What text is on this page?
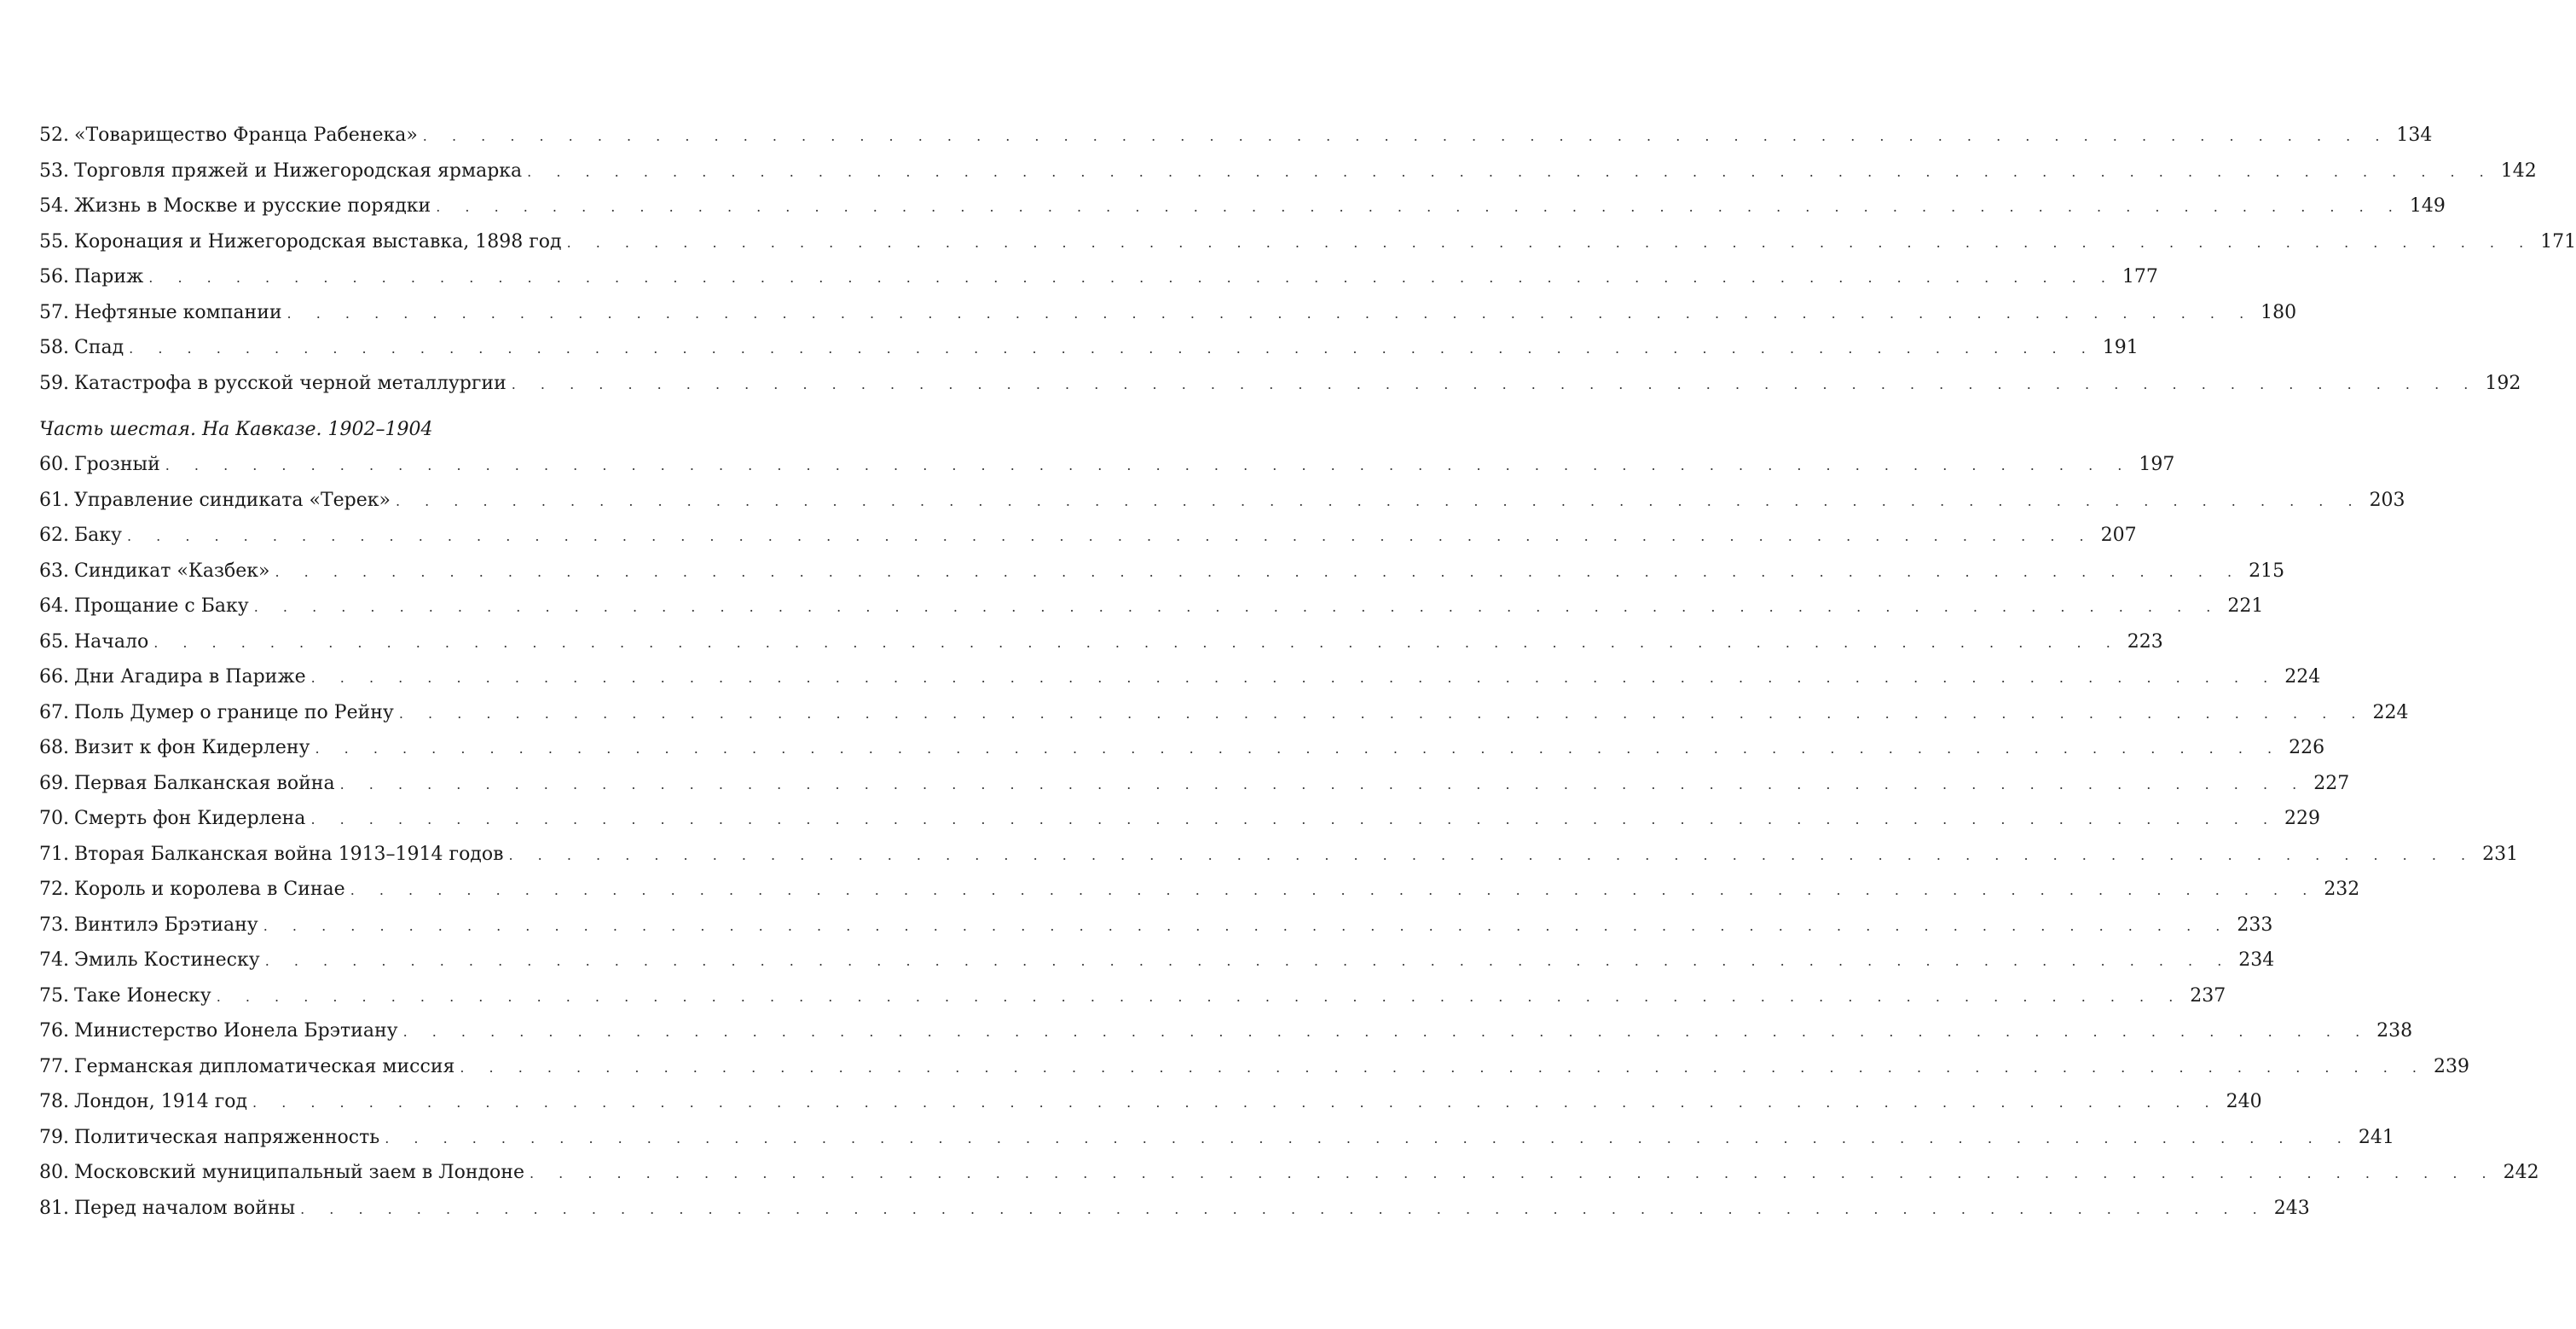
52. «Товарищество Франца Рабенека» . . . . . . . . . . . . . . . . . . . . . . . . . . . . . . . . . . . . . . . . . . . . . . . . . . . . . . . . . . . . . . . . . . . . 134
53. Торговля пряжей и Нижегородская ярмарка . . . . . . . . . . . . . . . . . . . . . . . . . . . . . . . . . . . . . . . . . . . . . . . . . . . . . . . . . . . . . . . . . . . . 142
54. Жизнь в Москве и русские порядки . . . . . . . . . . . . . . . . . . . . . . . . . . . . . . . . . . . . . . . . . . . . . . . . . . . . . . . . . . . . . . . . . . . . 149
55. Коронация и Нижегородская выставка, 1898 год . . . . . . . . . . . . . . . . . . . . . . . . . . . . . . . . . . . . . . . . . . . . . . . . . . . . . . . . . . . . . . . . . . . . 171
56. Париж . . . . . . . . . . . . . . . . . . . . . . . . . . . . . . . . . . . . . . . . . . . . . . . . . . . . . . . . . . . . . . . . . . . . 177
57. Нефтяные компании . . . . . . . . . . . . . . . . . . . . . . . . . . . . . . . . . . . . . . . . . . . . . . . . . . . . . . . . . . . . . . . . . . . . 180
58. Спад . . . . . . . . . . . . . . . . . . . . . . . . . . . . . . . . . . . . . . . . . . . . . . . . . . . . . . . . . . . . . . . . . . . . 191
59. Катастрофа в русской черной металлургии . . . . . . . . . . . . . . . . . . . . . . . . . . . . . . . . . . . . . . . . . . . . . . . . . . . . . . . . . . . . . . . . . . . . 192
Часть шестая. На Кавказе. 1902–1904
60. Грозный . . . . . . . . . . . . . . . . . . . . . . . . . . . . . . . . . . . . . . . . . . . . . . . . . . . . . . . . . . . . . . . . . . . . 197
61. Управление синдиката «Терек» . . . . . . . . . . . . . . . . . . . . . . . . . . . . . . . . . . . . . . . . . . . . . . . . . . . . . . . . . . . . . . . . . . . . 203
62. Баку . . . . . . . . . . . . . . . . . . . . . . . . . . . . . . . . . . . . . . . . . . . . . . . . . . . . . . . . . . . . . . . . . . . . 207
63. Синдикат «Казбек» . . . . . . . . . . . . . . . . . . . . . . . . . . . . . . . . . . . . . . . . . . . . . . . . . . . . . . . . . . . . . . . . . . . . 215
64. Прощание с Баку . . . . . . . . . . . . . . . . . . . . . . . . . . . . . . . . . . . . . . . . . . . . . . . . . . . . . . . . . . . . . . . . . . . . 221
65. Начало . . . . . . . . . . . . . . . . . . . . . . . . . . . . . . . . . . . . . . . . . . . . . . . . . . . . . . . . . . . . . . . . . . . . 223
66. Дни Агадира в Париже . . . . . . . . . . . . . . . . . . . . . . . . . . . . . . . . . . . . . . . . . . . . . . . . . . . . . . . . . . . . . . . . . . . . 224
67. Поль Думер о границе по Рейну . . . . . . . . . . . . . . . . . . . . . . . . . . . . . . . . . . . . . . . . . . . . . . . . . . . . . . . . . . . . . . . . . . . . 224
68. Визит к фон Кидерлену . . . . . . . . . . . . . . . . . . . . . . . . . . . . . . . . . . . . . . . . . . . . . . . . . . . . . . . . . . . . . . . . . . . . 226
69. Первая Балканская война . . . . . . . . . . . . . . . . . . . . . . . . . . . . . . . . . . . . . . . . . . . . . . . . . . . . . . . . . . . . . . . . . . . . 227
70. Смерть фон Кидерлена . . . . . . . . . . . . . . . . . . . . . . . . . . . . . . . . . . . . . . . . . . . . . . . . . . . . . . . . . . . . . . . . . . . . 229
71. Вторая Балканская война 1913–1914 годов . . . . . . . . . . . . . . . . . . . . . . . . . . . . . . . . . . . . . . . . . . . . . . . . . . . . . . . . . . . . . . . . . . . . 231
72. Король и королева в Синае . . . . . . . . . . . . . . . . . . . . . . . . . . . . . . . . . . . . . . . . . . . . . . . . . . . . . . . . . . . . . . . . . . . . 232
73. Винтилэ Брэтиану . . . . . . . . . . . . . . . . . . . . . . . . . . . . . . . . . . . . . . . . . . . . . . . . . . . . . . . . . . . . . . . . . . . . 233
74. Эмиль Костинеску . . . . . . . . . . . . . . . . . . . . . . . . . . . . . . . . . . . . . . . . . . . . . . . . . . . . . . . . . . . . . . . . . . . . 234
75. Таке Ионеску . . . . . . . . . . . . . . . . . . . . . . . . . . . . . . . . . . . . . . . . . . . . . . . . . . . . . . . . . . . . . . . . . . . . 237
76. Министерство Ионела Брэтиану . . . . . . . . . . . . . . . . . . . . . . . . . . . . . . . . . . . . . . . . . . . . . . . . . . . . . . . . . . . . . . . . . . . . 238
77. Германская дипломатическая миссия . . . . . . . . . . . . . . . . . . . . . . . . . . . . . . . . . . . . . . . . . . . . . . . . . . . . . . . . . . . . . . . . . . . . 239
78. Лондон, 1914 год . . . . . . . . . . . . . . . . . . . . . . . . . . . . . . . . . . . . . . . . . . . . . . . . . . . . . . . . . . . . . . . . . . . . 240
79. Политическая напряженность . . . . . . . . . . . . . . . . . . . . . . . . . . . . . . . . . . . . . . . . . . . . . . . . . . . . . . . . . . . . . . . . . . . . 241
80. Московский муниципальный заем в Лондоне . . . . . . . . . . . . . . . . . . . . . . . . . . . . . . . . . . . . . . . . . . . . . . . . . . . . . . . . . . . . . . . . . . . . 242
81. Перед началом войны . . . . . . . . . . . . . . . . . . . . . . . . . . . . . . . . . . . . . . . . . . . . . . . . . . . . . . . . . . . . . . . . . . . . 243
